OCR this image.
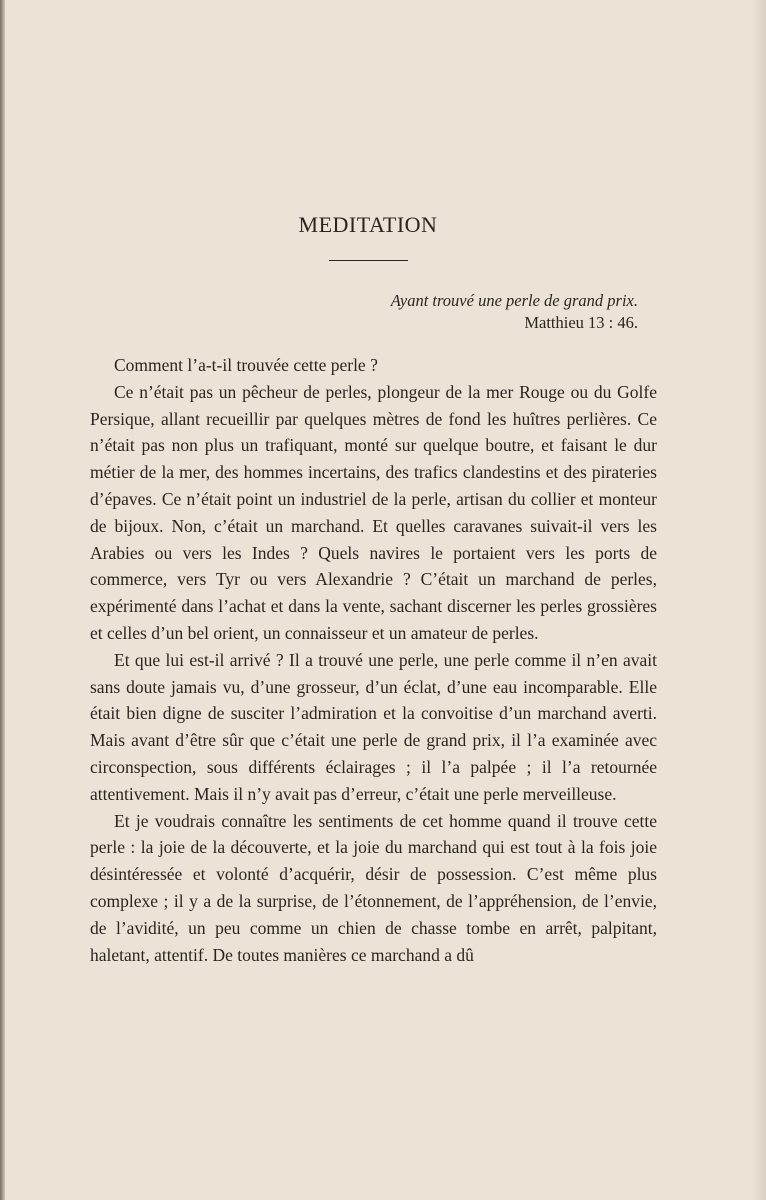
MEDITATION
Ayant trouvé une perle de grand prix.
Matthieu 13 : 46.

Comment l’a-t-il trouvée cette perle ?

Ce n’était pas un pêcheur de perles, plongeur de la mer Rouge ou du Golfe Persique, allant recueillir par quelques mètres de fond les huîtres perlières. Ce n’était pas non plus un trafiquant, monté sur quelque boutre, et faisant le dur métier de la mer, des hommes incertains, des trafics clandestins et des pirateries d’épaves. Ce n’était point un industriel de la perle, artisan du collier et monteur de bijoux. Non, c’était un marchand. Et quelles caravanes suivait-il vers les Arabies ou vers les Indes ? Quels navires le portaient vers les ports de commerce, vers Tyr ou vers Alexandrie ? C’était un marchand de perles, expérimenté dans l’achat et dans la vente, sachant discerner les perles grossières et celles d’un bel orient, un connaisseur et un amateur de perles.

Et que lui est-il arrivé ? Il a trouvé une perle, une perle comme il n’en avait sans doute jamais vu, d’une grosseur, d’un éclat, d’une eau incomparable. Elle était bien digne de susciter l’admiration et la convoitise d’un marchand averti. Mais avant d’être sûr que c’était une perle de grand prix, il l’a examinée avec circonspection, sous différents éclairages ; il l’a palpée ; il l’a retournée attentivement. Mais il n’y avait pas d’erreur, c’était une perle merveilleuse.

Et je voudrais connaître les sentiments de cet homme quand il trouve cette perle : la joie de la découverte, et la joie du marchand qui est tout à la fois joie désintéressée et volonté d’acquérir, désir de possession. C’est même plus complexe ; il y a de la surprise, de l’étonnement, de l’appréhension, de l’envie, de l’avidité, un peu comme un chien de chasse tombe en arrêt, palpitant, haletant, attentif. De toutes manières ce marchand a dû
